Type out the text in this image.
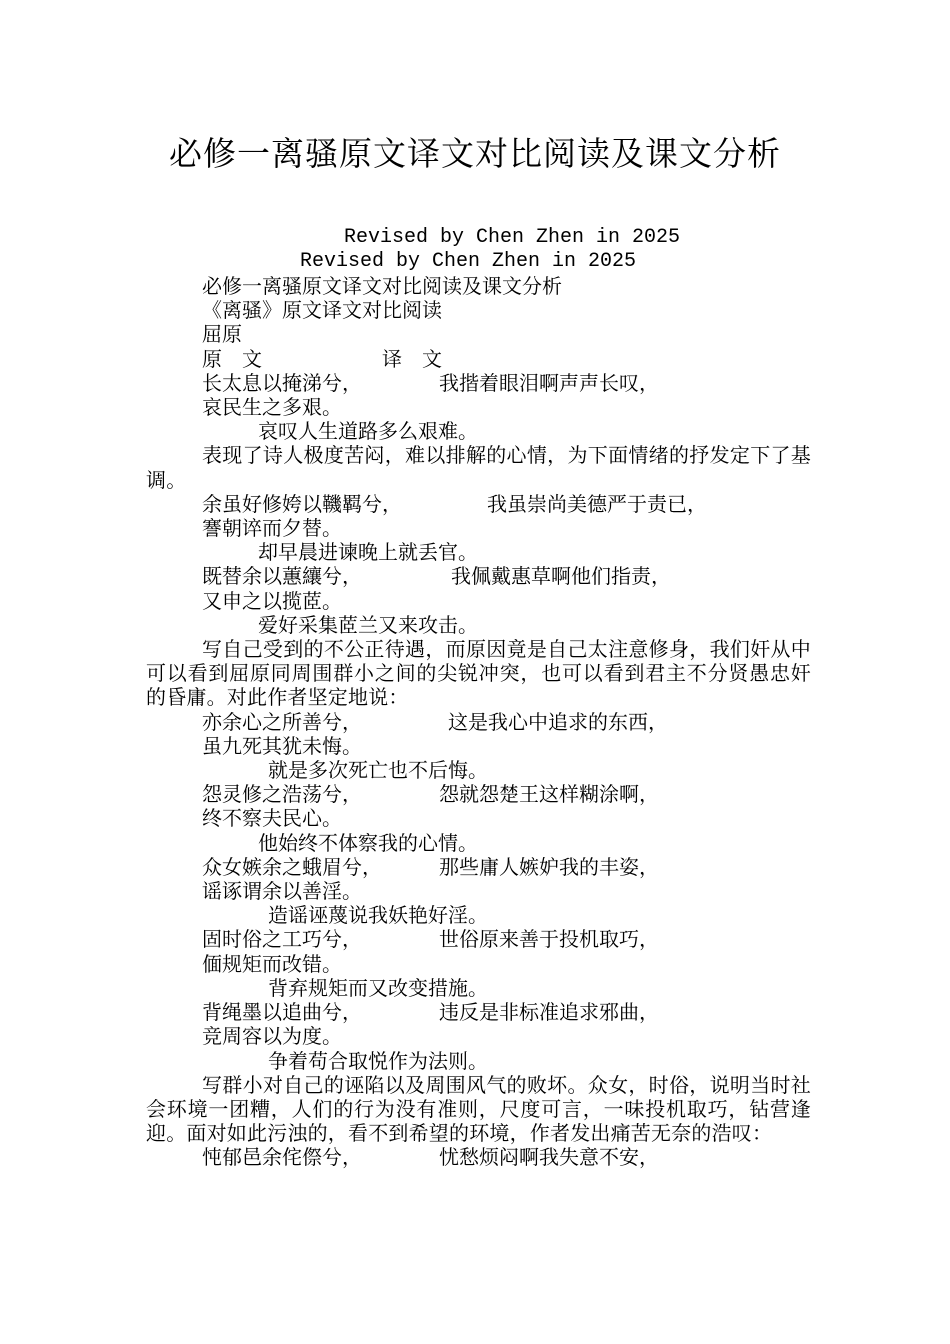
必修一离骚原文译文对比阅读及课文分析
Revised by Chen Zhen in 2025
Revised by Chen Zhen in 2025
必修一离骚原文译文对比阅读及课文分析
《离骚》原文译文对比阅读
屈原
原　文	译　文
长太息以掩涕兮，	我揩着眼泪啊声声长叹，
哀民生之多艰。
哀叹人生道路多么艰难。
表现了诗人极度苦闷，难以排解的心情，为下面情绪的抒发定下了基调。
余虽好修姱以鞿羁兮，	我虽崇尚美德严于责已，
謇朝谇而夕替。
却早晨进谏晚上就丢官。
既替余以蕙纕兮，	我佩戴惠草啊他们指责，
又申之以揽茝。
爱好采集茝兰又来攻击。
写自己受到的不公正待遇，而原因竟是自己太注意修身，我们奸从中可以看到屈原同周围群小之间的尖锐冲突，也可以看到君主不分贤愚忠奸的昏庸。对此作者坚定地说：
亦余心之所善兮，	这是我心中追求的东西，
虽九死其犹未悔。
就是多次死亡也不后悔。
怨灵修之浩荡兮，	怨就怨楚王这样糊涂啊，
终不察夫民心。
他始终不体察我的心情。
众女嫉余之蛾眉兮，	那些庸人嫉妒我的丰姿，
谣诼谓余以善淫。
造谣诬蔑说我妖艳好淫。
固时俗之工巧兮，	世俗原来善于投机取巧，
偭规矩而改错。
背弃规矩而又改变措施。
背绳墨以追曲兮，	违反是非标准追求邪曲，
竞周容以为度。
争着苟合取悦作为法则。
写群小对自己的诬陷以及周围风气的败坏。众女，时俗，说明当时社会环境一团糟，人们的行为没有准则，尺度可言，一味投机取巧，钻营逢迎。面对如此污浊的，看不到希望的环境，作者发出痛苦无奈的浩叹：
忳郁邑余侘傺兮，	忧愁烦闷啊我失意不安，
